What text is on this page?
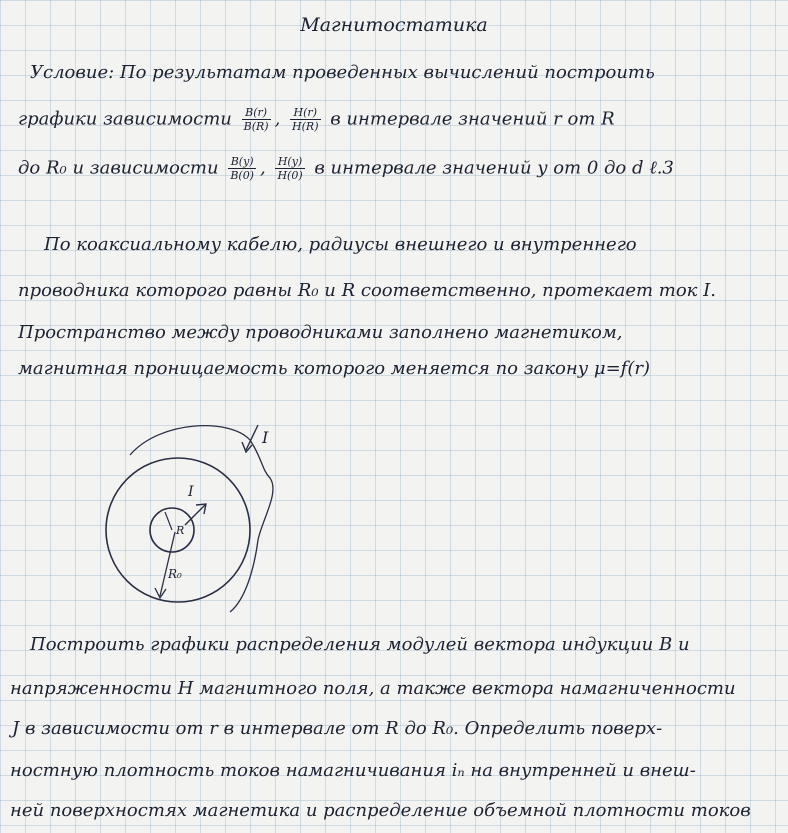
Магнитостатика
Условие: По результатам проведенных вычислений построить
графики зависимости $\frac{B(r)}{B(R)}$ , $\frac{H(r)}{H(R)}$ в интервале значений r от R
до R₀ и зависимости $\frac{B(y)}{B(0)}$ , $\frac{H(y)}{H(0)}$ в интервале значений y от 0 до d ℓ.3
По коаксиальному кабелю, радиусы внешнего и внутреннего
проводника которого равны R₀ и R соответственно, протекает ток I.
Пространство между проводниками заполнено магнетиком,
магнитная проницаемость которого меняется по закону μ=f(r)
I
I
R
R₀
Построить графики распределения модулей вектора индукции B и
напряженности H магнитного поля, а также вектора намагниченности
J в зависимости от r в интервале от R до R₀. Определить поверх-
ностную плотность токов намагничивания iₙ на внутренней и внеш-
ней поверхностях магнетика и распределение объемной плотности токов
